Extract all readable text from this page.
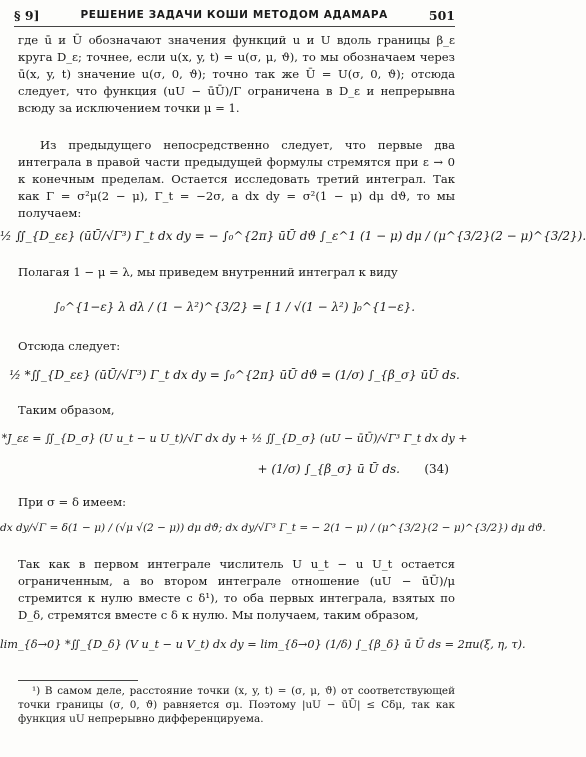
§ 9]	РЕШЕНИЕ ЗАДАЧИ КОШИ МЕТОДОМ АДАМАРА	501

где ū и Ū обозначают значения функций u и U вдоль границы β_ε круга D_ε; точнее, если u(x, y, t) = u(σ, μ, ϑ), то мы обозначаем через ū(x, y, t) значение u(σ, 0, ϑ); точно так же Ū = U(σ, 0, ϑ); отсюда следует, что функция (uU − ūŪ)/Γ ограничена в D_ε и непрерывна всюду за исключением точки μ = 1.

Из предыдущего непосредственно следует, что первые два интеграла в правой части предыдущей формулы стремятся при ε → 0 к конечным пределам. Остается исследовать третий интеграл. Так как Γ = σ²μ(2 − μ), Γ_t = −2σ, a dx dy = σ²(1 − μ) dμ dϑ, то мы получаем:

½ ∬_{D_εε} (ūŪ/√Γ³) Γ_t dx dy = − ∫₀^{2π} ūŪ dϑ ∫_ε^1 (1 − μ) dμ / (μ^{3/2}(2 − μ)^{3/2}).

Полагая 1 − μ = λ, мы приведем внутренний интеграл к виду

∫₀^{1−ε} λ dλ / (1 − λ²)^{3/2} = [ 1 / √(1 − λ²) ]₀^{1−ε}.

Отсюда следует:

½ *∬_{D_εε} (ūŪ/√Γ³) Γ_t dx dy = ∫₀^{2π} ūŪ dϑ = (1/σ) ∫_{β_σ} ūŪ ds.

Таким образом,

*J_εε = ∬_{D_σ} (U u_t − u U_t)/√Γ dx dy + ½ ∬_{D_σ} (uU − ūŪ)/√Γ³ Γ_t dx dy +
+ (1/σ) ∫_{β_σ} ū Ū ds. (34)

При σ = δ имеем:

dx dy/√Γ = δ(1 − μ) / (√μ √(2 − μ)) dμ dϑ; dx dy/√Γ³ Γ_t = − 2(1 − μ) / (μ^{3/2}(2 − μ)^{3/2}) dμ dϑ.

Так как в первом интеграле числитель U u_t − u U_t остается ограниченным, а во втором интеграле отношение (uU − ūŪ)/μ стремится к нулю вместе с δ¹), то оба первых интеграла, взятых по D_δ, стремятся вместе с δ к нулю. Мы получаем, таким образом,

lim_{δ→0} *∬_{D_δ} (V u_t − u V_t) dx dy = lim_{δ→0} (1/δ) ∫_{β_δ} ū Ū ds = 2πu(ξ, η, τ).

¹) В самом деле, расстояние точки (x, y, t) = (σ, μ, ϑ) от соответствующей точки границы (σ, 0, ϑ) равняется σμ. Поэтому |uU − ūŪ| ≤ Cδμ, так как функция uU непрерывно дифференцируема.
